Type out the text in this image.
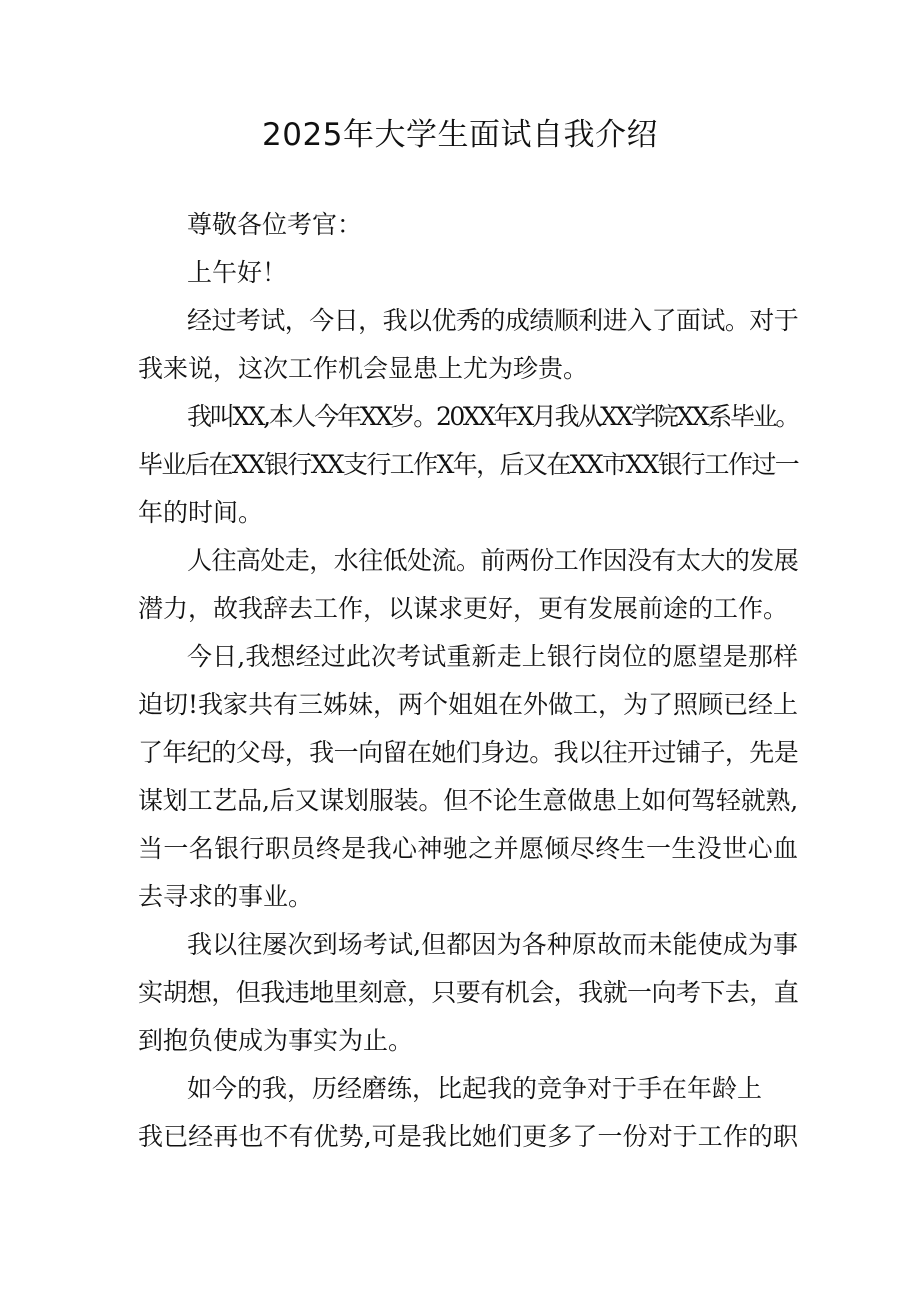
2025年大学生面试自我介绍
尊敬各位考官：
上午好！
经过考试，今日，我以优秀的成绩顺利进入了面试。对于
我来说，这次工作机会显患上尤为珍贵。
我叫XX,本人今年XX岁。20XX年X月我从XX学院XX系毕业。
毕业后在XX银行XX支行工作X年，后又在XX市XX银行工作过一
年的时间。
人往高处走，水往低处流。前两份工作因没有太大的发展
潜力，故我辞去工作，以谋求更好，更有发展前途的工作。
今日,我想经过此次考试重新走上银行岗位的愿望是那样
迫切!我家共有三姊妹，两个姐姐在外做工，为了照顾已经上
了年纪的父母，我一向留在她们身边。我以往开过铺子，先是
谋划工艺品,后又谋划服装。但不论生意做患上如何驾轻就熟,
当一名银行职员终是我心神驰之并愿倾尽终生一生没世心血
去寻求的事业。
我以往屡次到场考试,但都因为各种原故而未能使成为事
实胡想，但我违地里刻意，只要有机会，我就一向考下去，直
到抱负使成为事实为止。
如今的我，历经磨练，比起我的竞争对于手在年龄上
我已经再也不有优势,可是我比她们更多了一份对于工作的职
